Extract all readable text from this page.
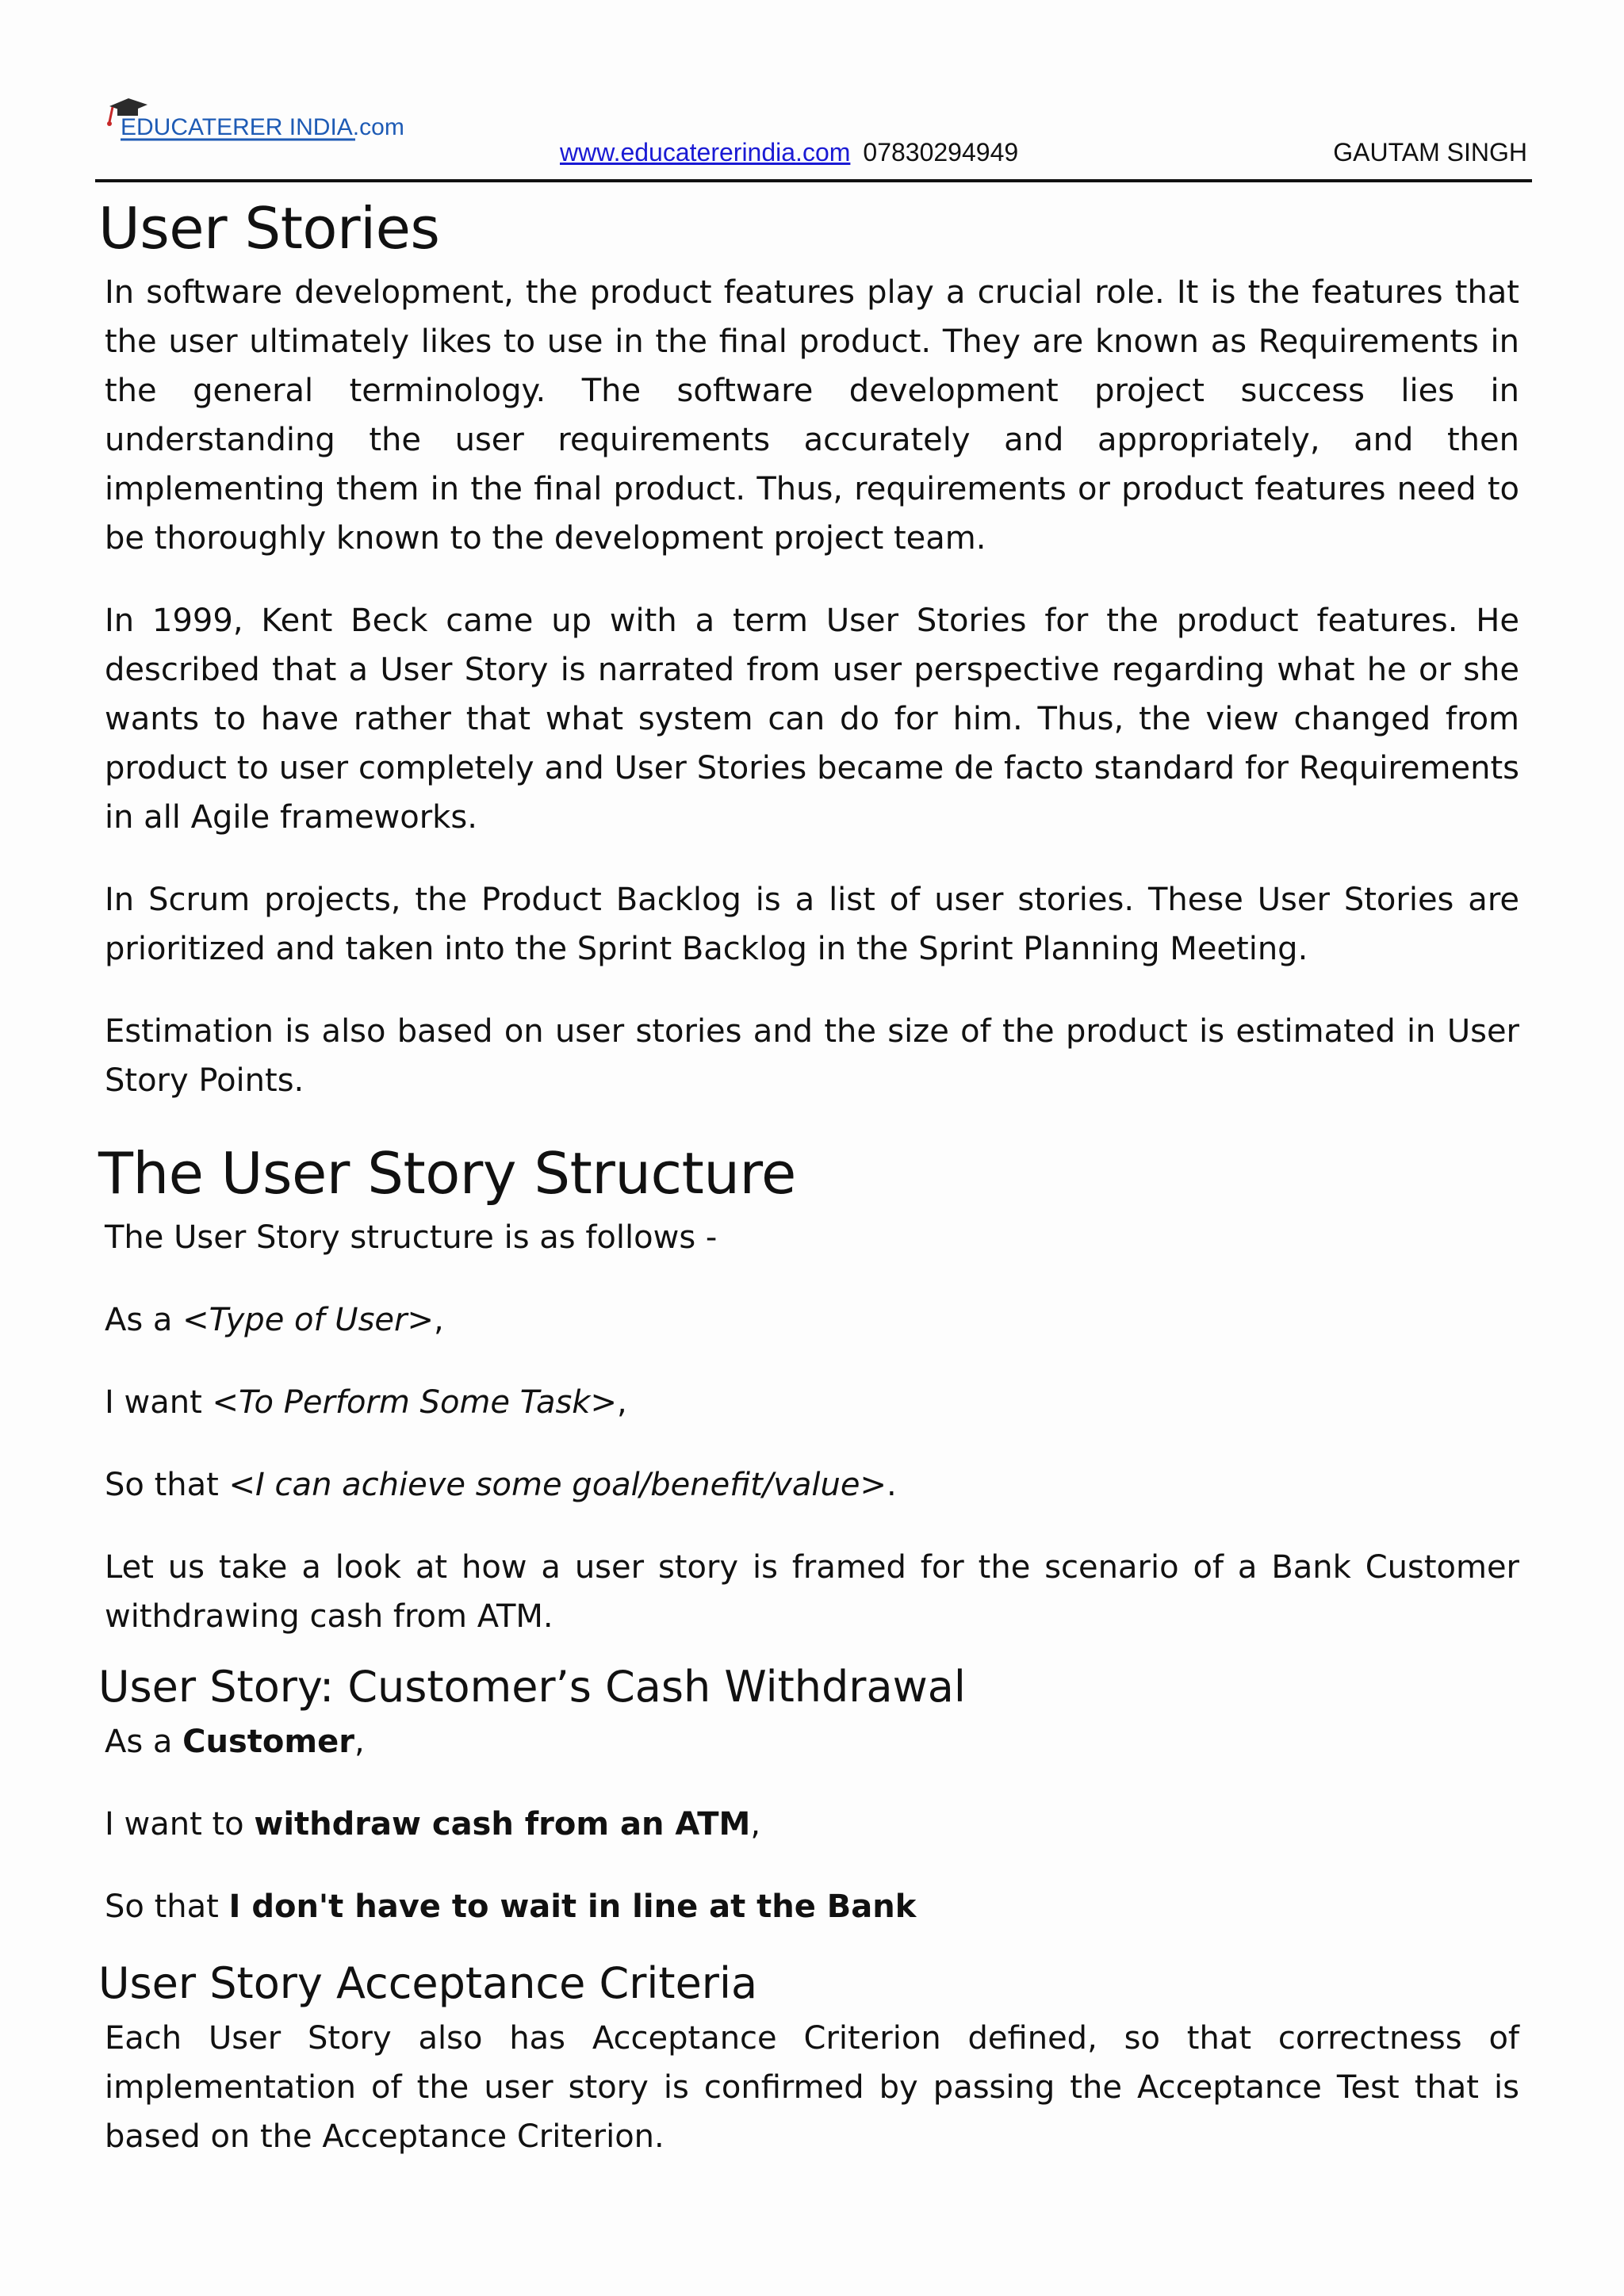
EDUCATERER INDIA.com
www.educatererindia.com 07830294949	GAUTAM SINGH
User Stories

In software development, the product features play a crucial role. It is the features that the user ultimately likes to use in the final product. They are known as Requirements in the general terminology. The software development project success lies in understanding the user requirements accurately and appropriately, and then implementing them in the final product. Thus, requirements or product features need to be thoroughly known to the development project team.

In 1999, Kent Beck came up with a term User Stories for the product features. He described that a User Story is narrated from user perspective regarding what he or she wants to have rather that what system can do for him. Thus, the view changed from product to user completely and User Stories became de facto standard for Requirements in all Agile frameworks.

In Scrum projects, the Product Backlog is a list of user stories. These User Stories are prioritized and taken into the Sprint Backlog in the Sprint Planning Meeting.

Estimation is also based on user stories and the size of the product is estimated in User Story Points.

The User Story Structure

The User Story structure is as follows -

As a <Type of User>,

I want <To Perform Some Task>,

So that <I can achieve some goal/benefit/value>.

Let us take a look at how a user story is framed for the scenario of a Bank Customer withdrawing cash from ATM.

User Story: Customer’s Cash Withdrawal

As a Customer,

I want to withdraw cash from an ATM,

So that I don't have to wait in line at the Bank

User Story Acceptance Criteria

Each User Story also has Acceptance Criterion defined, so that correctness of implementation of the user story is confirmed by passing the Acceptance Test that is based on the Acceptance Criterion.
